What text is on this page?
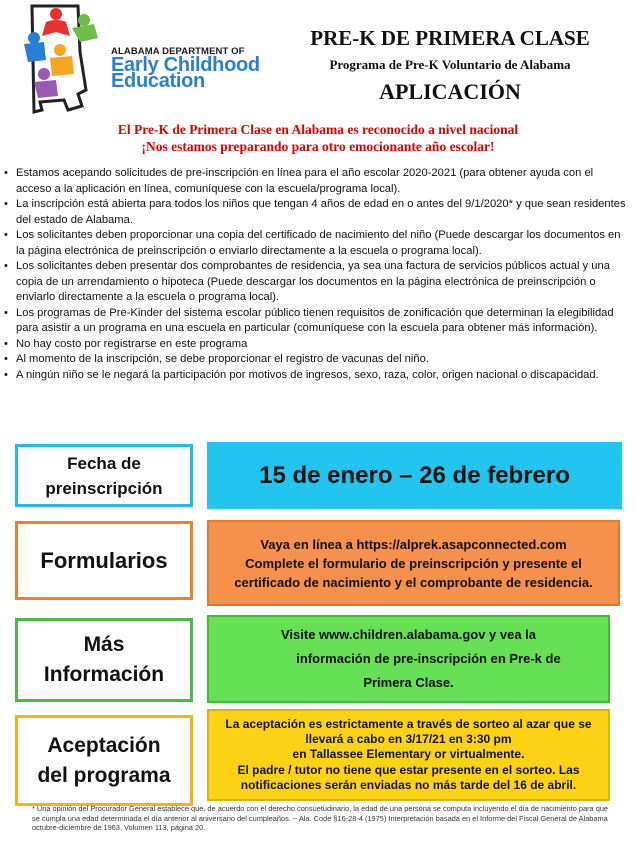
ALABAMA DEPARTMENT OF
Early Childhood
Education
PRE-K DE PRIMERA CLASE
Programa de Pre-K Voluntario de Alabama
APLICACIÓN
El Pre-K de Primera Clase en Alabama es reconocido a nivel nacional
¡Nos estamos preparando para otro emocionante año escolar!
• Estamos acepando solicitudes de pre-inscripción en línea para el año escolar 2020-2021 (para obtener ayuda con el acceso a la aplicación en línea, comuníquese con la escuela/programa local).
• La inscripción está abierta para todos los niños que tengan 4 años de edad en o antes del 9/1/2020* y que sean residentes del estado de Alabama.
• Los solicitantes deben proporcionar una copia del certificado de nacimiento del niño (Puede descargar los documentos en la página electrónica de preinscripción o enviarlo directamente a la escuela o programa local).
• Los solicitantes deben presentar dos comprobantes de residencia, ya sea una factura de servicios públicos actual y una copia de un arrendamiento o hipoteca (Puede descargar los documentos en la página electrónica de preinscripción o enviarlo directamente a la escuela o programa local).
• Los programas de Pre-Kinder del sistema escolar público tienen requisitos de zonificación que determinan la elegibilidad para asistir a un programa en una escuela en particular (comuníquese con la escuela para obtener más información).
• No hay costo por registrarse en este programa
• Al momento de la inscripción, se debe proporcionar el registro de vacunas del niño.
• A ningún niño se le negará la participación por motivos de ingresos, sexo, raza, color, origen nacional o discapacidad.
Fecha de
preinscripción	15 de enero – 26 de febrero
Formularios
Vaya en línea a https://alprek.asapconnected.com
Complete el formulario de preinscripción y presente el
certificado de nacimiento y el comprobante de residencia.
Más
Información
Visite www.children.alabama.gov y vea la
información de pre-inscripción en Pre-k de
Primera Clase.
Aceptación
del programa
La aceptación es estrictamente a través de sorteo al azar que se
llevará a cabo en 3/17/21 en 3:30 pm
en Tallassee Elementary or virtualmente.
El padre / tutor no tiene que estar presente en el sorteo. Las
notificaciones serán enviadas no más tarde del 16 de abril.
* Una opinión del Procurador General establece que, de acuerdo con el derecho consuetudinario, la edad de una persona se computa incluyendo el día de nacimiento para que se cumpla una edad determinada el día anterior al aniversario del cumpleaños. ~ Ala. Code §16-28-4 (1975) Interpretación basada en el Informe del Fiscal General de Alabama octubre-diciembre de 1963. Volumen 113, página 20.
